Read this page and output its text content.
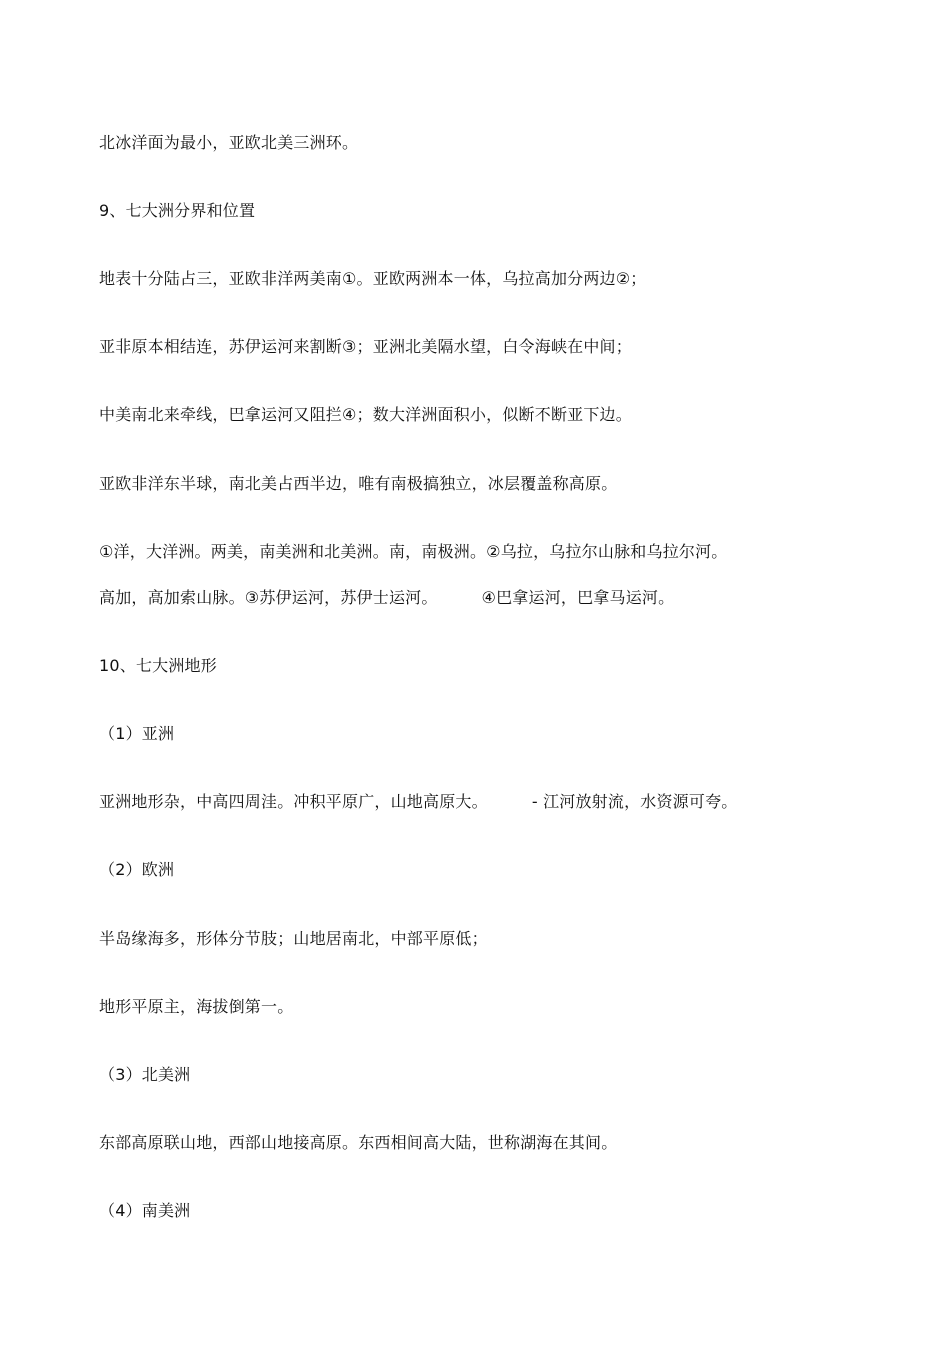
北冰洋面为最小，亚欧北美三洲环。
9、七大洲分界和位置
地表十分陆占三，亚欧非洋两美南①。亚欧两洲本一体，乌拉高加分两边②；
亚非原本相结连，苏伊运河来割断③；亚洲北美隔水望，白令海峡在中间；
中美南北来牵线，巴拿运河又阻拦④；数大洋洲面积小，似断不断亚下边。
亚欧非洋东半球，南北美占西半边，唯有南极搞独立，冰层覆盖称高原。
①洋，大洋洲。两美，南美洲和北美洲。南，南极洲。②乌拉，乌拉尔山脉和乌拉尔河。
高加，高加索山脉。③苏伊运河，苏伊士运河。	④巴拿运河，巴拿马运河。
10、七大洲地形
（1）亚洲
亚洲地形杂，中高四周洼。冲积平原广，山地高原大。	- 江河放射流，水资源可夸。
（2）欧洲
半岛缘海多，形体分节肢；山地居南北，中部平原低；
地形平原主，海拔倒第一。
（3）北美洲
东部高原联山地，西部山地接高原。东西相间高大陆，世称湖海在其间。
（4）南美洲
